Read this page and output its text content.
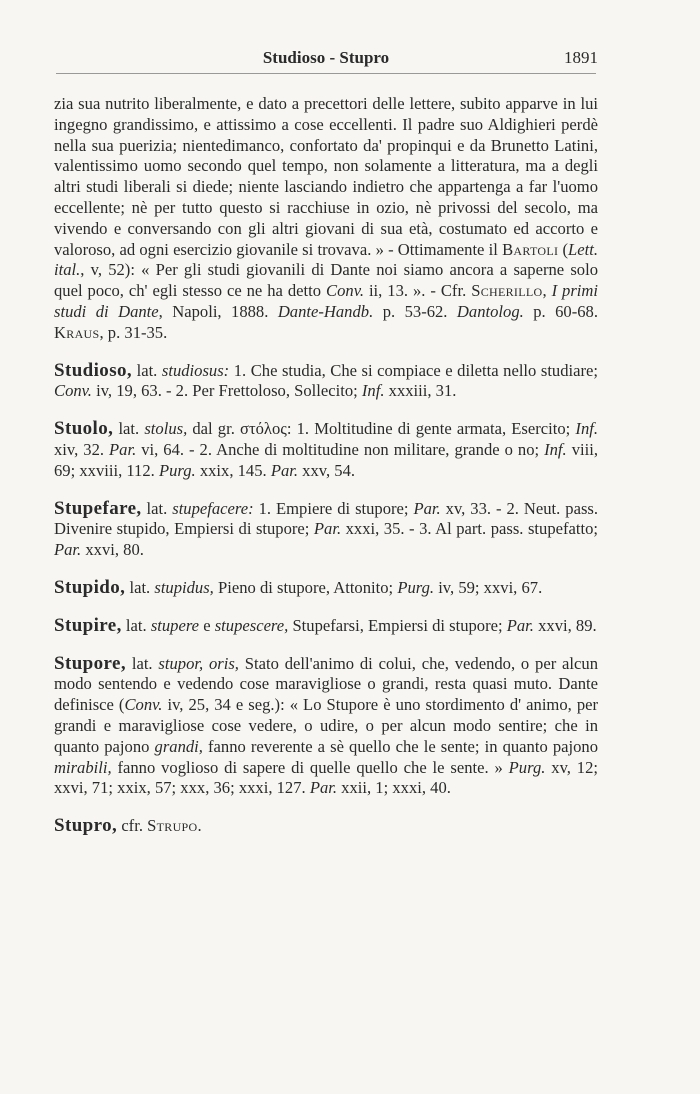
Studioso - Stupro	1891

zia sua nutrito liberalmente, e dato a precettori delle lettere, subito apparve in lui ingegno grandissimo, e attissimo a cose eccellenti. Il padre suo Aldighieri perdè nella sua puerizia; nientedimanco, confortato da' propinqui e da Brunetto Latini, valentissimo uomo secondo quel tempo, non solamente a litteratura, ma a degli altri studi liberali si diede; niente lasciando indietro che appartenga a far l'uomo eccellente; nè per tutto questo si racchiuse in ozio, nè privossi del secolo, ma vivendo e conversando con gli altri giovani di sua età, costumato ed accorto e valoroso, ad ogni esercizio giovanile si trovava. » - Ottimamente il Bartoli (Lett. ital., v, 52): « Per gli studi giovanili di Dante noi siamo ancora a saperne solo quel poco, ch' egli stesso ce ne ha detto Conv. ii, 13. ». - Cfr. Scherillo, I primi studi di Dante, Napoli, 1888. Dante-Handb. p. 53-62. Dantolog. p. 60-68. Kraus, p. 31-35.

Studioso, lat. studiosus: 1. Che studia, Che si compiace e diletta nello studiare; Conv. iv, 19, 63. - 2. Per Frettoloso, Sollecito; Inf. xxxiii, 31.

Stuolo, lat. stolus, dal gr. στόλος: 1. Moltitudine di gente armata, Esercito; Inf. xiv, 32. Par. vi, 64. - 2. Anche di moltitudine non militare, grande o no; Inf. viii, 69; xxviii, 112. Purg. xxix, 145. Par. xxv, 54.

Stupefare, lat. stupefacere: 1. Empiere di stupore; Par. xv, 33. - 2. Neut. pass. Divenire stupido, Empiersi di stupore; Par. xxxi, 35. - 3. Al part. pass. stupefatto; Par. xxvi, 80.

Stupido, lat. stupidus, Pieno di stupore, Attonito; Purg. iv, 59; xxvi, 67.

Stupire, lat. stupere e stupescere, Stupefarsi, Empiersi di stupore; Par. xxvi, 89.

Stupore, lat. stupor, oris, Stato dell'animo di colui, che, vedendo, o per alcun modo sentendo e vedendo cose maravigliose o grandi, resta quasi muto. Dante definisce (Conv. iv, 25, 34 e seg.): « Lo Stupore è uno stordimento d' animo, per grandi e maravigliose cose vedere, o udire, o per alcun modo sentire; che in quanto pajono grandi, fanno reverente a sè quello che le sente; in quanto pajono mirabili, fanno voglioso di sapere di quelle quello che le sente. » Purg. xv, 12; xxvi, 71; xxix, 57; xxx, 36; xxxi, 127. Par. xxii, 1; xxxi, 40.

Stupro, cfr. Strupo.
